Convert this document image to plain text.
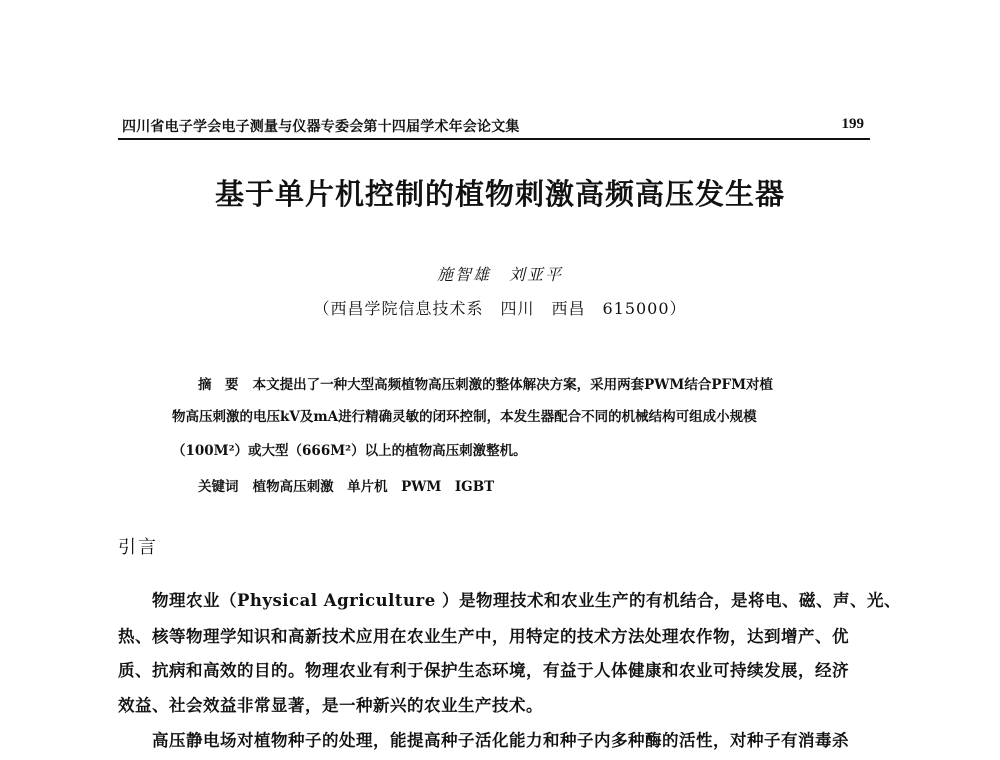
四川省电子学会电子测量与仪器专委会第十四届学术年会论文集	199
基于单片机控制的植物刺激高频高压发生器
施智雄　刘亚平
（西昌学院信息技术系　四川　西昌　615000）
摘　要 本文提出了一种大型高频植物高压刺激的整体解决方案，采用两套PWM结合PFM对植
物高压刺激的电压kV及mA进行精确灵敏的闭环控制，本发生器配合不同的机械结构可组成小规模
（100M²）或大型（666M²）以上的植物高压刺激整机。
关键词 植物高压刺激　单片机　PWM　IGBT
引言
物理农业（Physical Agriculture ）是物理技术和农业生产的有机结合，是将电、磁、声、光、
热、核等物理学知识和高新技术应用在农业生产中，用特定的技术方法处理农作物，达到增产、优
质、抗病和高效的目的。物理农业有利于保护生态环境，有益于人体健康和农业可持续发展，经济
效益、社会效益非常显著，是一种新兴的农业生产技术。
高压静电场对植物种子的处理，能提高种子活化能力和种子内多种酶的活性，对种子有消毒杀
